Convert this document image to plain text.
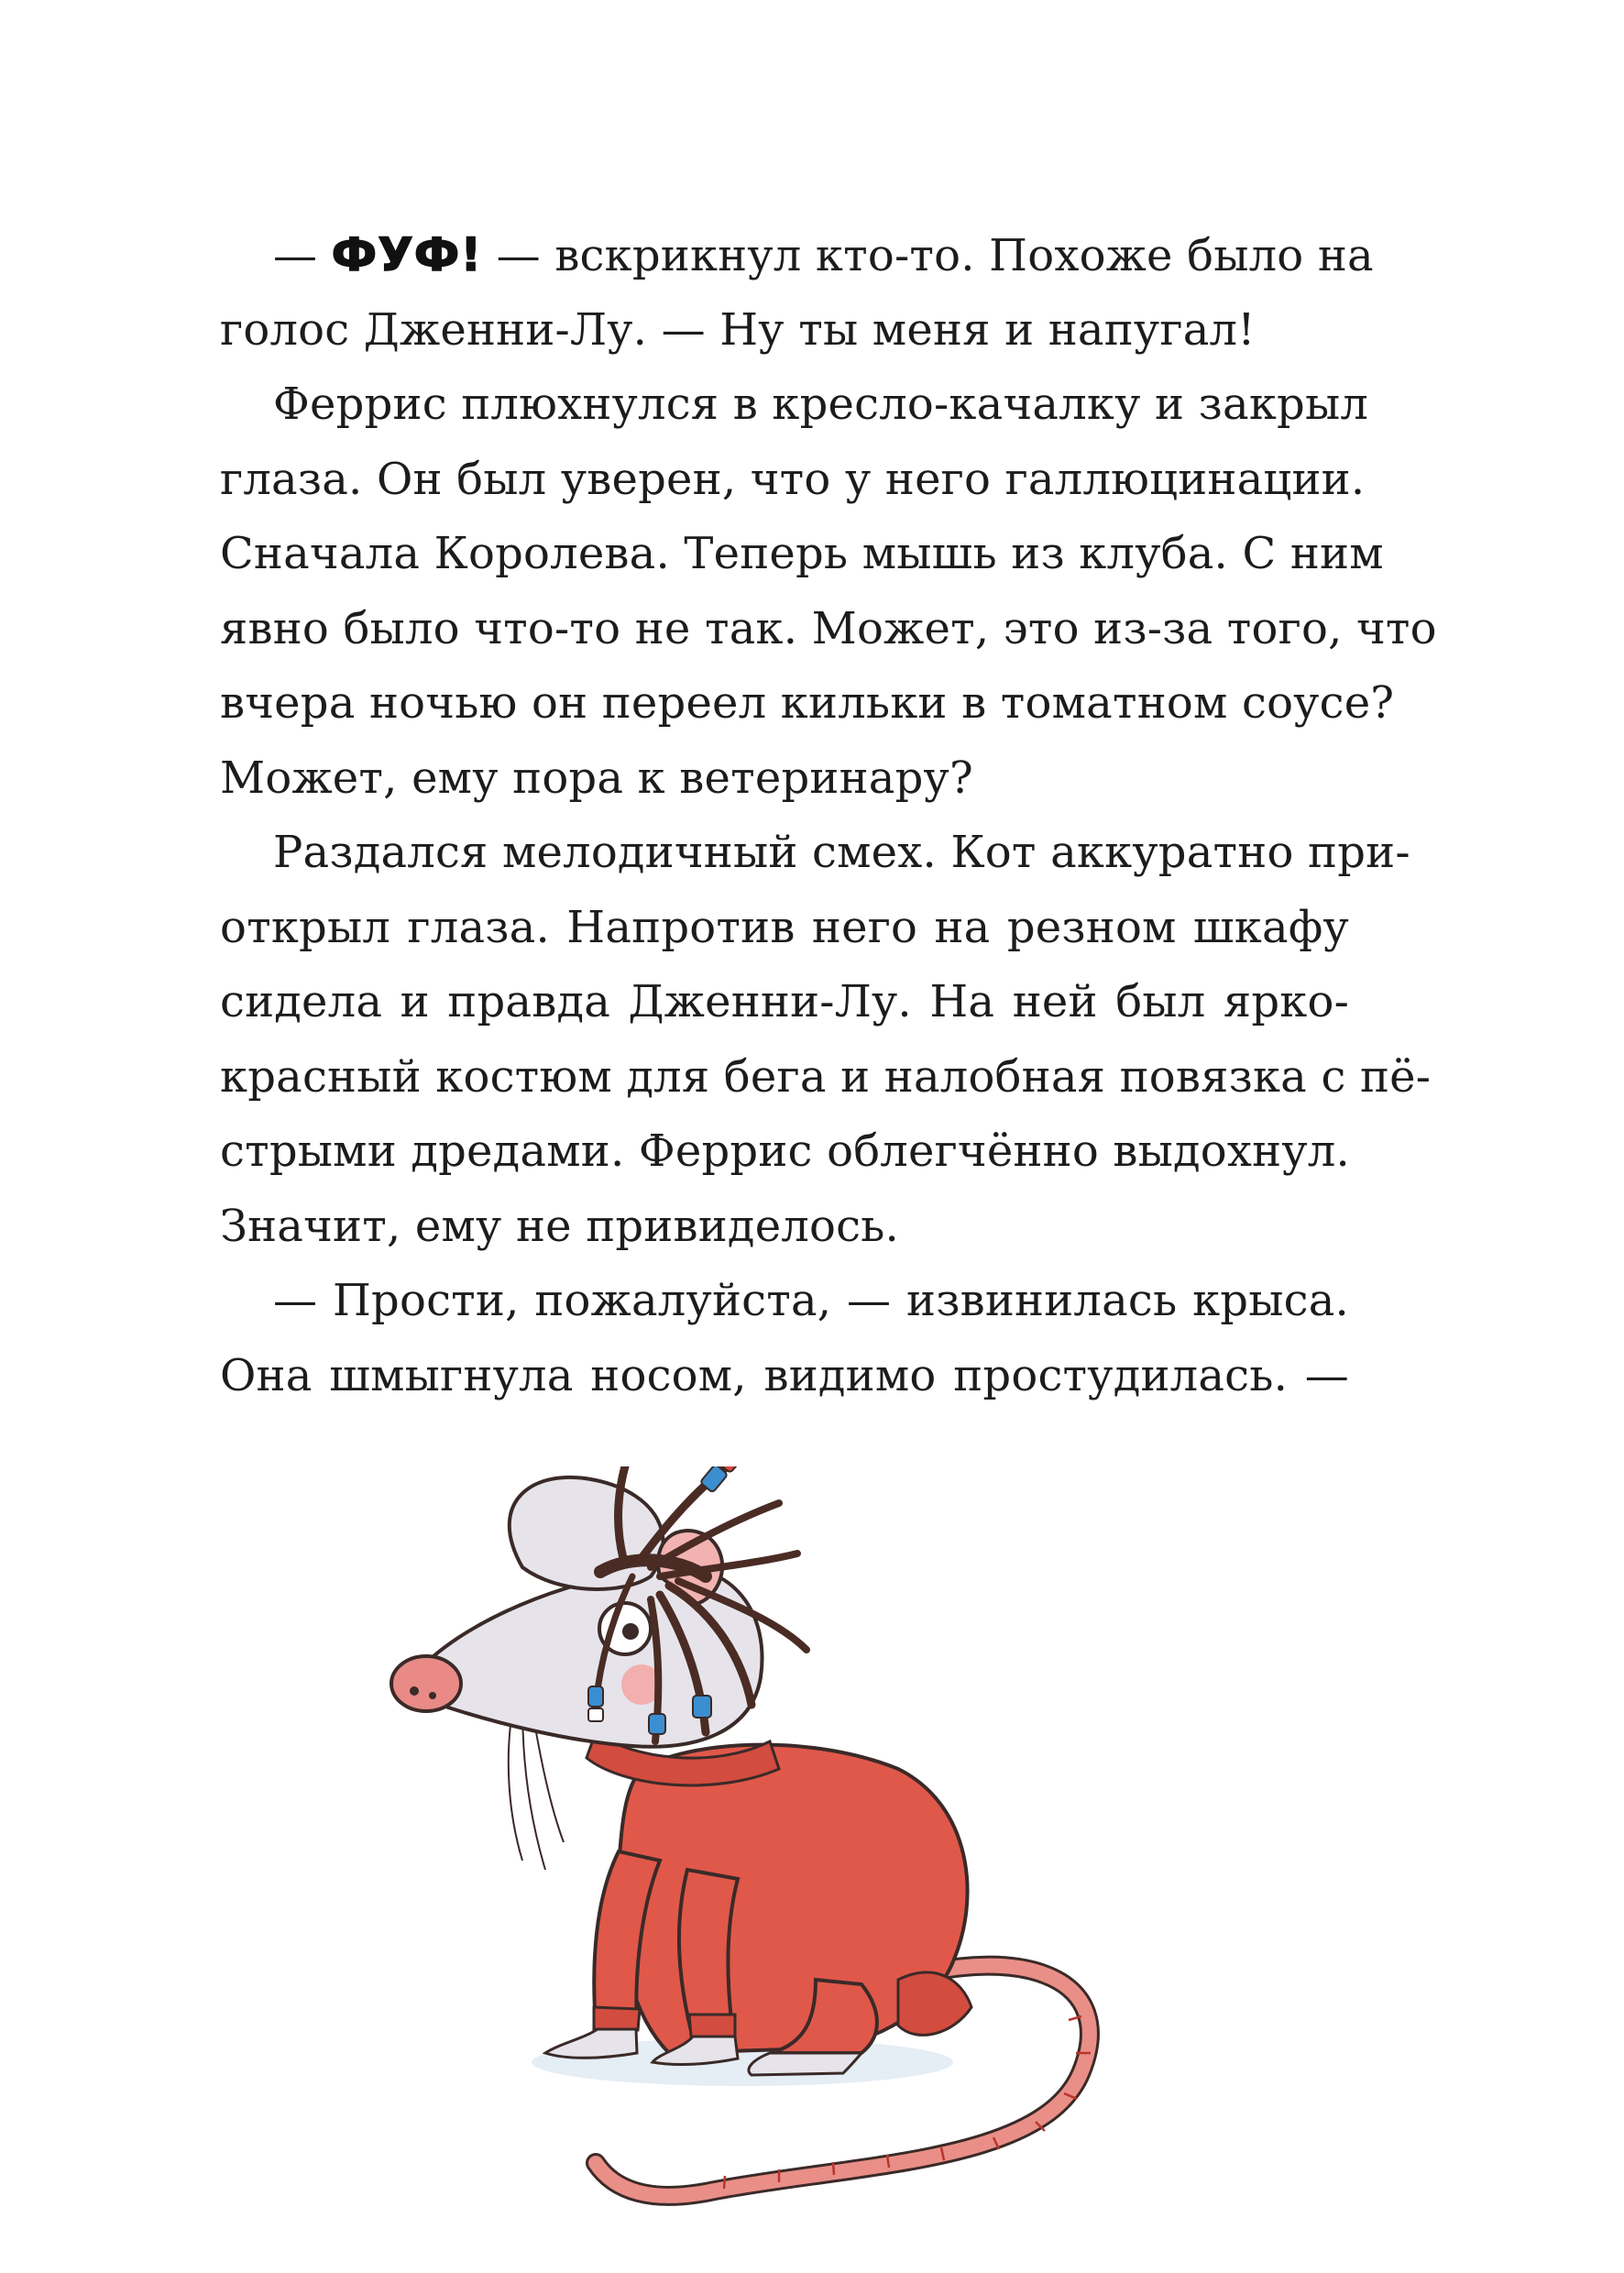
— ФУФ! — вскрикнул кто-то. Похоже было на
голос Дженни-Лу. — Ну ты меня и напугал!
Феррис плюхнулся в кресло-качалку и закрыл
глаза. Он был уверен, что у него галлюцинации.
Сначала Королева. Теперь мышь из клуба. С ним
явно было что-то не так. Может, это из-за того, что
вчера ночью он переел кильки в томатном соусе?
Может, ему пора к ветеринару?
Раздался мелодичный смех. Кот аккуратно при-
открыл глаза. Напротив него на резном шкафу
сидела и правда Дженни-Лу. На ней был ярко-
красный костюм для бега и налобная повязка с пё-
стрыми дредами. Феррис облегчённо выдохнул.
Значит, ему не привиделось.
— Прости, пожалуйста, — извинилась крыса.
Она шмыгнула носом, видимо простудилась. —
